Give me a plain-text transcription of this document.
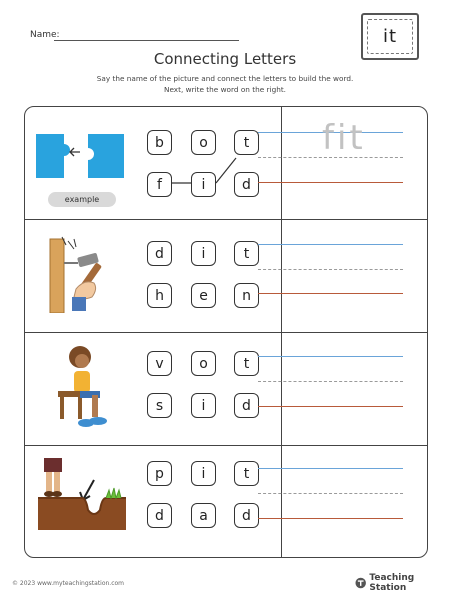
Name:	it
Connecting Letters
Say the name of the picture and connect the letters to build the word.
Next, write the word on the right.
example
b	o	t
f	i	d
fit
d	i	t
h	e	n
v	o	t
s	i	d
p	i	t
d	a	d
© 2023 www.myteachingstation.com
Teaching Station
